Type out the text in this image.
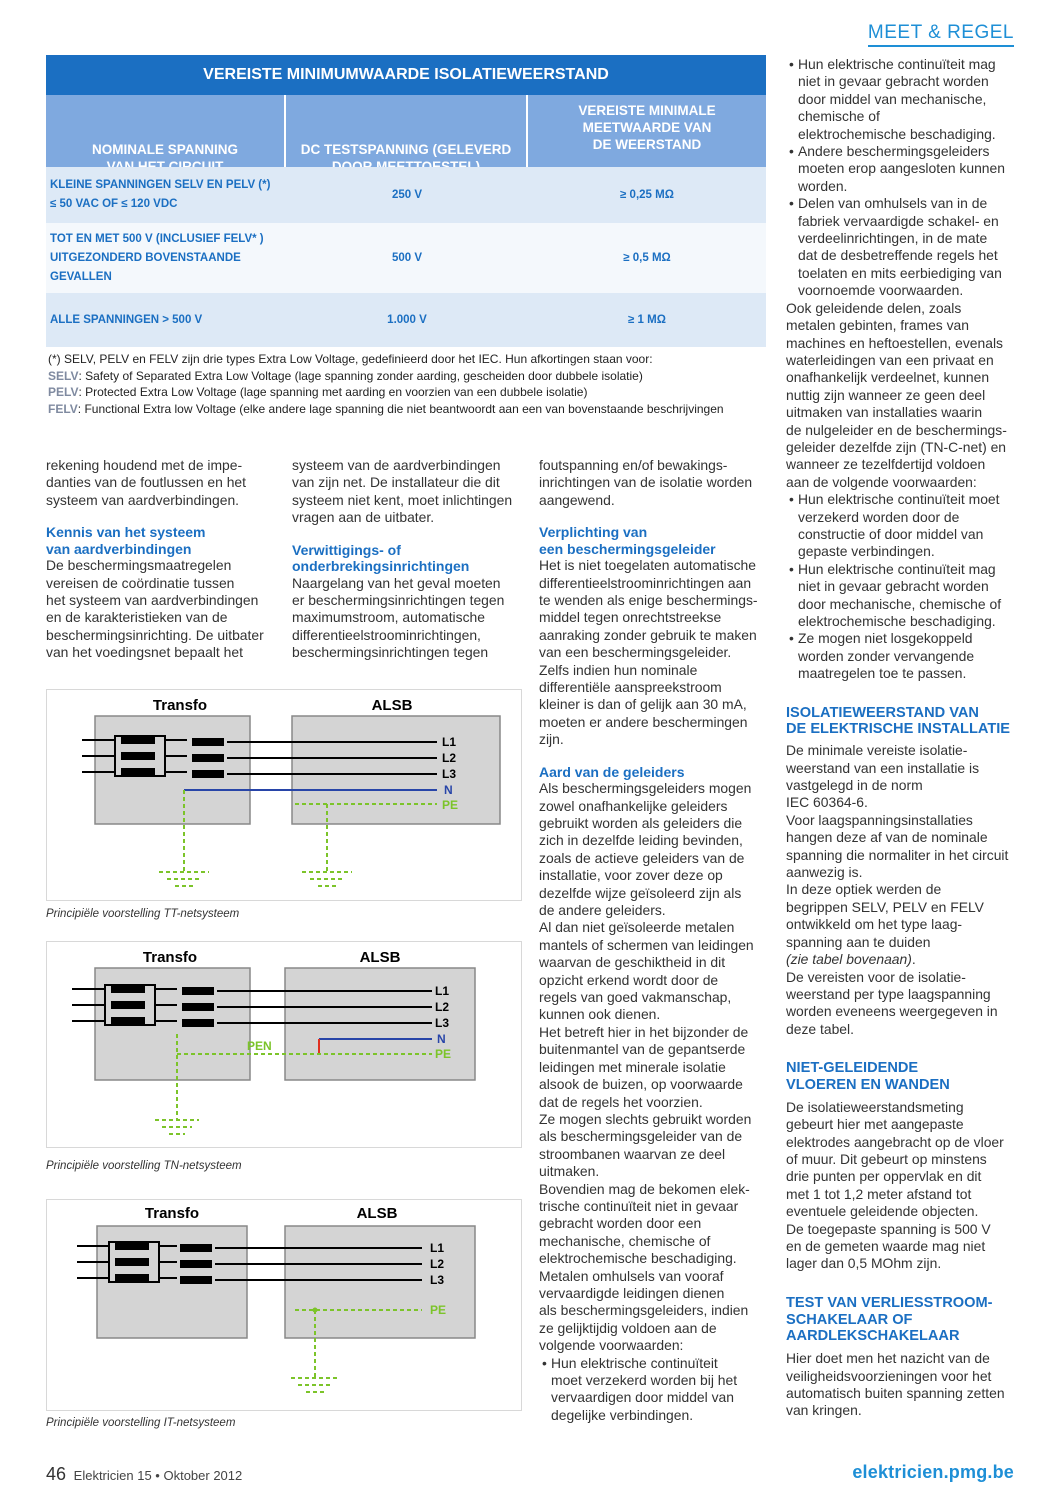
MEET & REGEL
VEREISTE MINIMUMWAARDE ISOLATIEWEERSTAND
NOMINALE SPANNING	DC TESTSPANNING (GELEVERD
VEREISTE MINIMALE
MEETWAARDE VAN
DE WEERSTAND
KLEINE SPANNINGEN SELV EN PELV (*)
≤ 50 VAC OF ≤ 120 VDC
250 V	≥ 0,25 MΩ
TOT EN MET 500 V (INCLUSIEF FELV* )
UITGEZONDERD BOVENSTAANDE
GEVALLEN
500 V	≥ 0,5 MΩ
ALLE SPANNINGEN > 500 V	1.000 V	≥ 1 MΩ
(*) SELV, PELV en FELV zijn drie types Extra Low Voltage, gedefinieerd door het IEC. Hun afkortingen staan voor:
SELV: Safety of Separated Extra Low Voltage (lage spanning zonder aarding, gescheiden door dubbele isolatie)
PELV: Protected Extra Low Voltage (lage spanning met aarding en voorzien van een dubbele isolatie)
FELV: Functional Extra low Voltage (elke andere lage spanning die niet beantwoordt aan een van bovenstaande beschrijvingen

rekening houdend met de impe-
danties van de foutlussen en het
systeem van aardverbindingen.

Kennis van het systeem
van aardverbindingen

De beschermingsmaatregelen
vereisen de coördinatie tussen
het systeem van aardverbindingen
en de karakteristieken van de
beschermingsinrichting. De uitbater
van het voedingsnet bepaalt het

systeem van de aardverbindingen
van zijn net. De installateur die dit
systeem niet kent, moet inlichtingen
vragen aan de uitbater.

Verwittigings- of
onderbrekingsinrichtingen

Naargelang van het geval moeten
er beschermingsinrichtingen tegen
maximumstroom, automatische
differentieelstroominrichtingen,
beschermingsinrichtingen tegen

foutspanning en/of bewakings-
inrichtingen van de isolatie worden
aangewend.

Verplichting van
een beschermingsgeleider

Het is niet toegelaten automatische
differentieelstroominrichtingen aan
te wenden als enige beschermings-
middel tegen onrechtstreekse
aanraking zonder gebruik te maken
van een beschermingsgeleider.
Zelfs indien hun nominale
differentiële aanspreekstroom
kleiner is dan of gelijk aan 30 mA,
moeten er andere beschermingen
zijn.

Aard van de geleiders

Als beschermingsgeleiders mogen
zowel onafhankelijke geleiders
gebruikt worden als geleiders die
zich in dezelfde leiding bevinden,
zoals de actieve geleiders van de
installatie, voor zover deze op
dezelfde wijze geïsoleerd zijn als
de andere geleiders.
Al dan niet geïsoleerde metalen
mantels of schermen van leidingen
waarvan de geschiktheid in dit
opzicht erkend wordt door de
regels van goed vakmanschap,
kunnen ook dienen.
Het betreft hier in het bijzonder de
buitenmantel van de gepantserde
leidingen met minerale isolatie
alsook de buizen, op voorwaarde
dat de regels het voorzien.
Ze mogen slechts gebruikt worden
als beschermingsgeleider van de
stroombanen waarvan ze deel
uitmaken.
Bovendien mag de bekomen elek-
trische continuïteit niet in gevaar
gebracht worden door een
mechanische, chemische of
elektrochemische beschadiging.
Metalen omhulsels van vooraf
vervaardigde leidingen dienen
als beschermingsgeleiders, indien
ze gelijktijdig voldoen aan de
volgende voorwaarden:

• Hun elektrische continuïteit
moet verzekerd worden bij het
vervaardigen door middel van
degelijke verbindingen.

• Hun elektrische continuïteit mag
niet in gevaar gebracht worden
door middel van mechanische, chemische of
elektrochemische beschadiging.

• Andere beschermingsgeleiders
moeten erop aangesloten kunnen
worden.

• Delen van omhulsels van in de
fabriek vervaardigde schakel- en
verdeelinrichtingen, in de mate
dat de desbetreffende regels het
toelaten en mits eerbiediging van
voornoemde voorwaarden.

Ook geleidende delen, zoals
metalen gebinten, frames van
machines en heftoestellen, evenals
waterleidingen van een privaat en
onafhankelijk verdeelnet, kunnen
nuttig zijn wanneer ze geen deel
uitmaken van installaties waarin
de nulgeleider en de beschermings-
geleider dezelfde zijn (TN-C-net) en
wanneer ze tezelfdertijd voldoen
aan de volgende voorwaarden:

• Hun elektrische continuïteit moet
verzekerd worden door de
constructie of door middel van
gepaste verbindingen.

• Hun elektrische continuïteit mag
niet in gevaar gebracht worden
door mechanische, chemische of
elektrochemische beschadiging.

• Ze mogen niet losgekoppeld
worden zonder vervangende
maatregelen toe te passen.

ISOLATIEWEERSTAND VAN
DE ELEKTRISCHE INSTALLATIE

De minimale vereiste isolatie-
weerstand van een installatie is
vastgelegd in de norm
IEC 60364-6.
Voor laagspanningsinstallaties
hangen deze af van de nominale
spanning die normaliter in het circuit
aanwezig is.
In deze optiek werden de
begrippen SELV, PELV en FELV
ontwikkeld om het type laag-
spanning aan te duiden
(zie tabel bovenaan).

De vereisten voor de isolatie-
weerstand per type laagspanning
worden eveneens weergegeven in
deze tabel.

NIET-GELEIDENDE
VLOEREN EN WANDEN

De isolatieweerstandsmeting
gebeurt hier met aangepaste
elektrodes aangebracht op de vloer
of muur. Dit gebeurt op minstens
drie punten per oppervlak en dit
met 1 tot 1,2 meter afstand tot
eventuele geleidende objecten.
De toegepaste spanning is 500 V
en de gemeten waarde mag niet
lager dan 0,5 MOhm zijn.

TEST VAN VERLIESSTROOM-
SCHAKELAAR OF
AARDLEKSCHAKELAAR

Hier doet men het nazicht van de
veiligheidsvoorzieningen voor het
automatisch buiten spanning zetten
van kringen.

Transfo	ALSB
L1
L2
L3
N
PE
Principiële voorstelling TT-netsysteem
Transfo	ALSB
L1
L2
L3
N
PE
PEN
Principiële voorstelling TN-netsysteem
Transfo	ALSB
L1
L2
L3
PE
Principiële voorstelling IT-netsysteem
46 Elektricien 15 • Oktober 2012	elektricien.pmg.be
